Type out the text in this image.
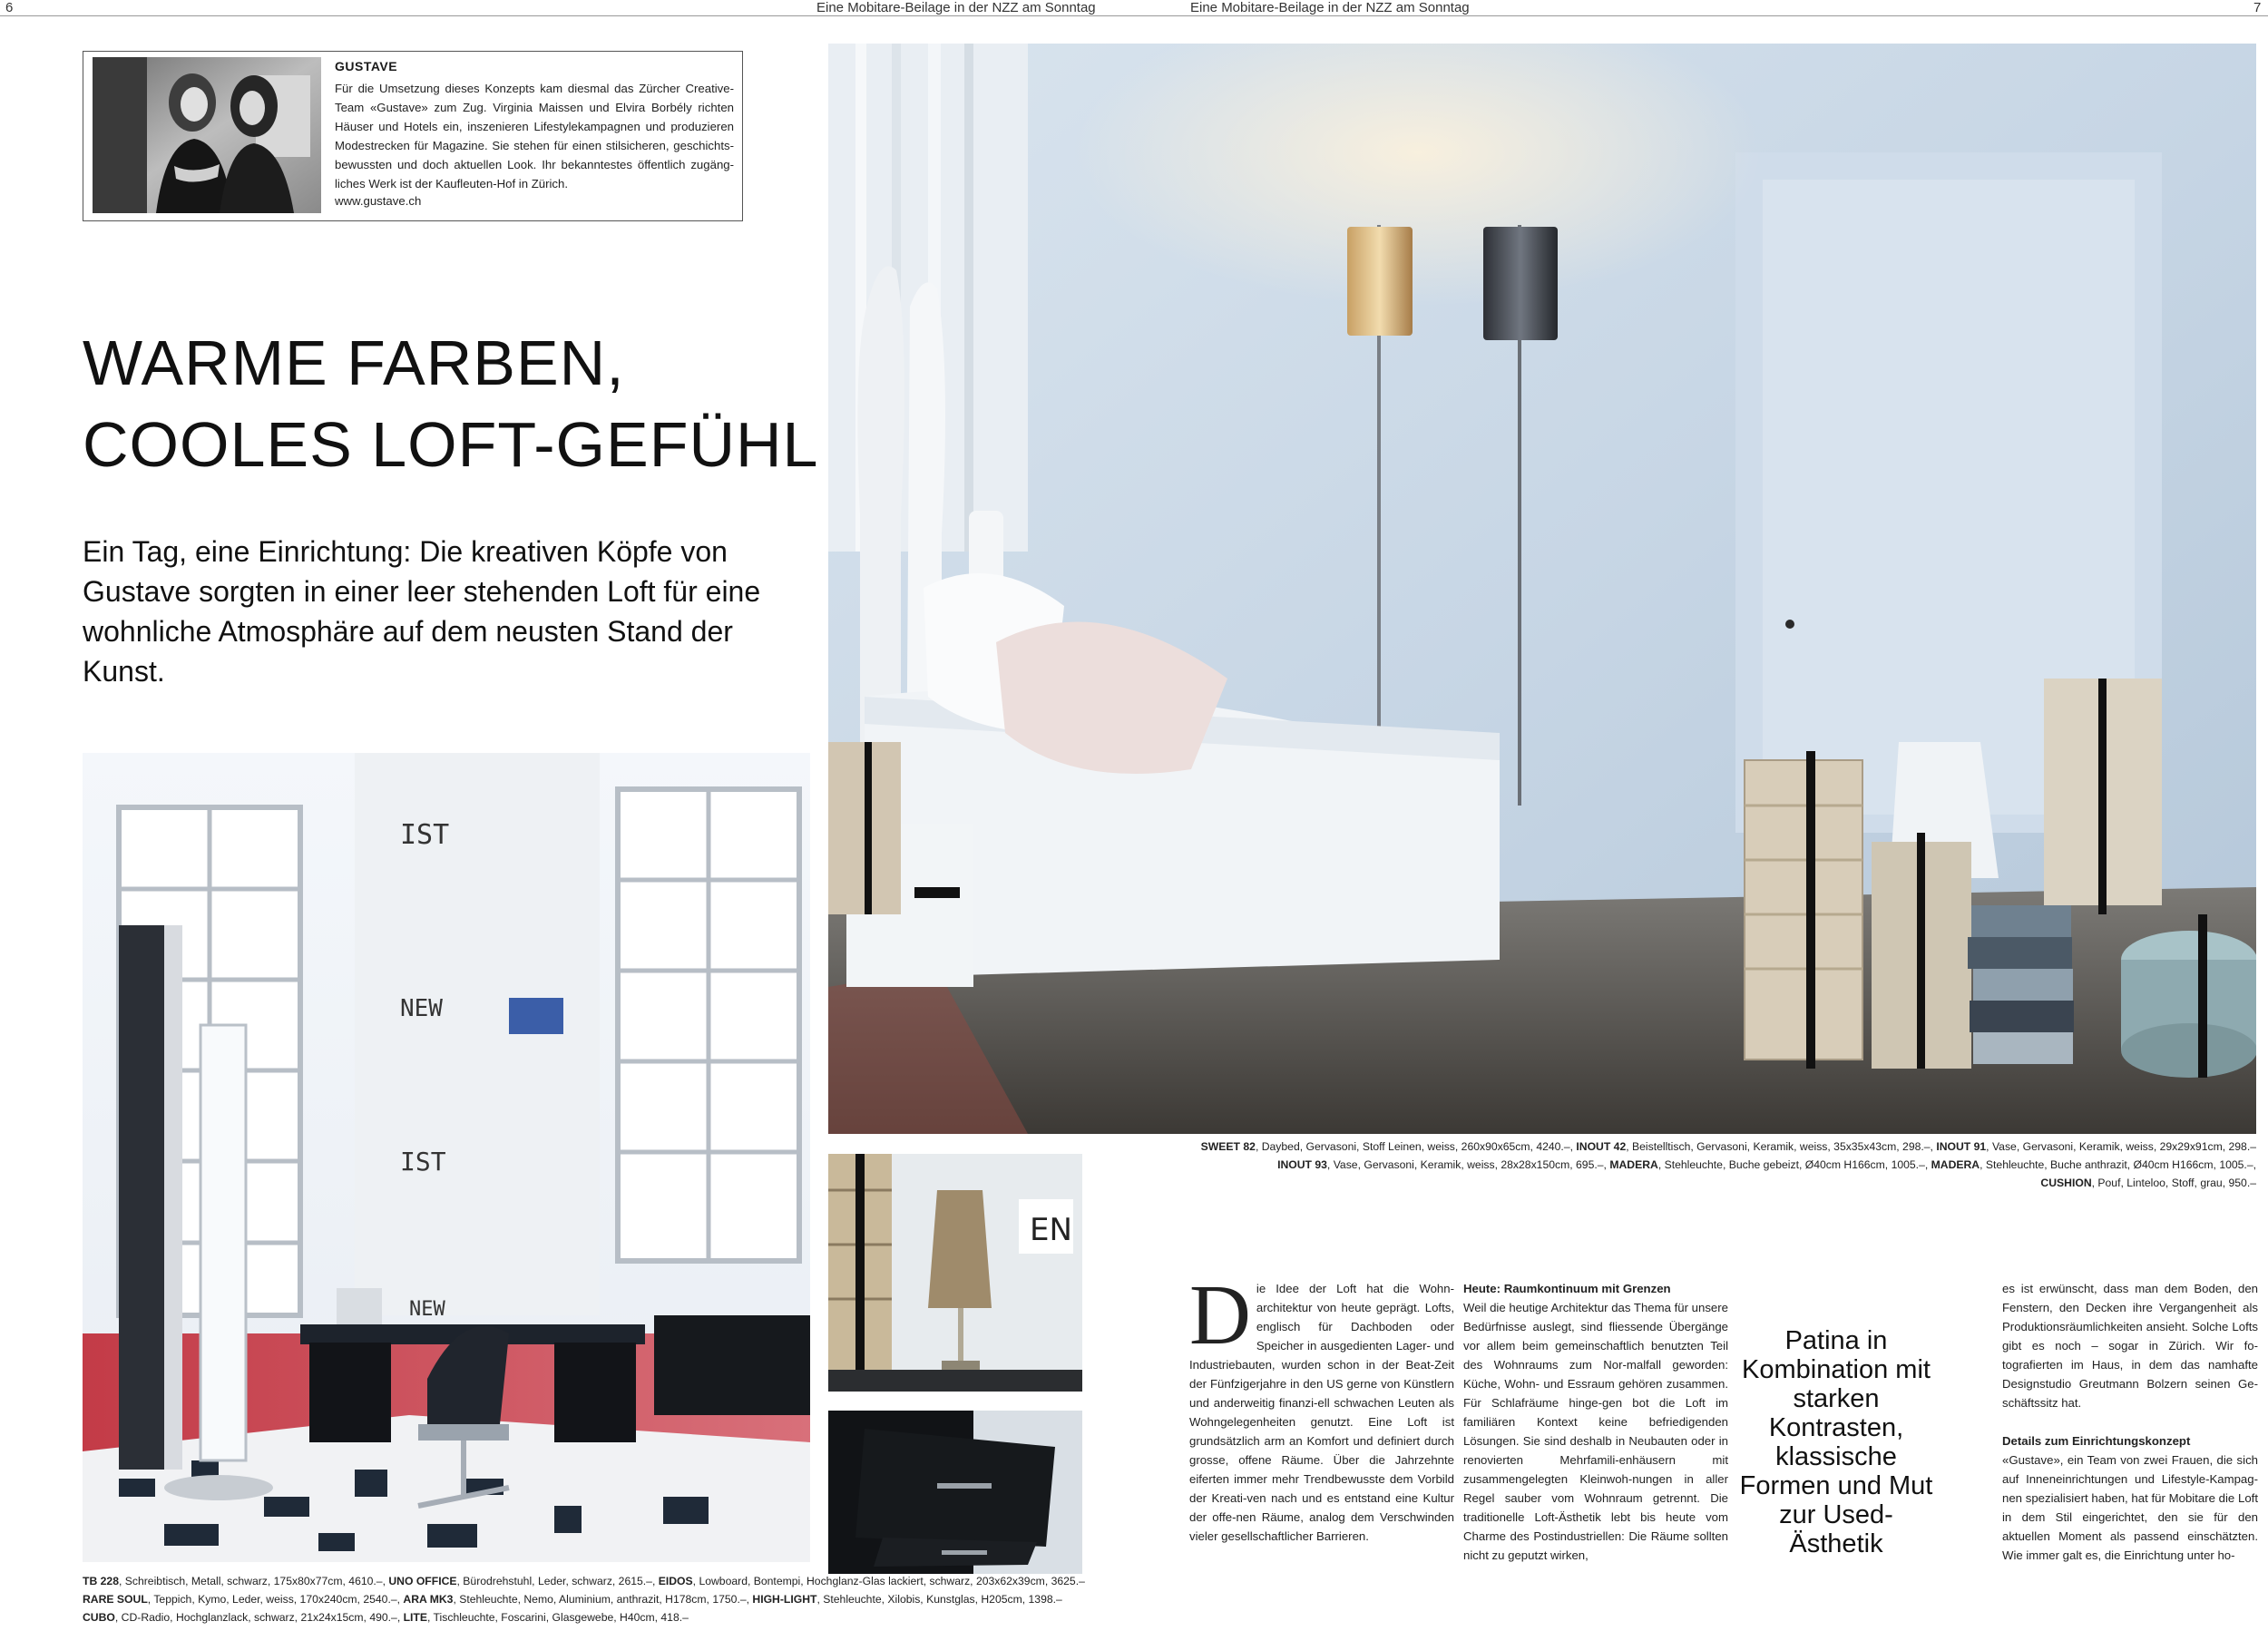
6	Eine Mobitare-Beilage in der NZZ am Sonntag	Eine Mobitare-Beilage in der NZZ am Sonntag	7
GUSTAVE
Für die Umsetzung dieses Konzepts kam diesmal das Zürcher Creative-Team «Gustave» zum Zug. Virginia Maissen und Elvira Borbély richten Häuser und Hotels ein, inszenieren Lifestylekampagnen und produzieren Modestrecken für Magazine. Sie stehen für einen stilsicheren, geschichts-bewussten und doch aktuellen Look. Ihr bekanntestes öffentlich zugäng-liches Werk ist der Kaufleuten-Hof in Zürich.
www.gustave.ch
WARME FARBEN,
COOLES LOFT-GEFÜHL
Ein Tag, eine Einrichtung: Die kreativen Köpfe von Gustave sorgten in einer leer stehenden Loft für eine wohnliche Atmosphäre auf dem neusten Stand der Kunst.
IST
NEW
IST
NEW
EN
SWEET 82, Daybed, Gervasoni, Stoff Leinen, weiss, 260x90x65cm, 4240.–, INOUT 42, Beistelltisch, Gervasoni, Keramik, weiss, 35x35x43cm, 298.–, INOUT 91, Vase, Gervasoni, Keramik, weiss, 29x29x91cm, 298.–
INOUT 93, Vase, Gervasoni, Keramik, weiss, 28x28x150cm, 695.–, MADERA, Stehleuchte, Buche gebeizt, Ø40cm H166cm, 1005.–, MADERA, Stehleuchte, Buche anthrazit, Ø40cm H166cm, 1005.–,
CUSHION, Pouf, Linteloo, Stoff, grau, 950.–
TB 228, Schreibtisch, Metall, schwarz, 175x80x77cm, 4610.–, UNO OFFICE, Bürodrehstuhl, Leder, schwarz, 2615.–, EIDOS, Lowboard, Bontempi, Hochglanz-Glas lackiert, schwarz, 203x62x39cm, 3625.–
RARE SOUL, Teppich, Kymo, Leder, weiss, 170x240cm, 2540.–, ARA MK3, Stehleuchte, Nemo, Aluminium, anthrazit, H178cm, 1750.–, HIGH-LIGHT, Stehleuchte, Xilobis, Kunstglas, H205cm, 1398.–
CUBO, CD-Radio, Hochglanzlack, schwarz, 21x24x15cm, 490.–, LITE, Tischleuchte, Foscarini, Glasgewebe, H40cm, 418.–
D ie Idee der Loft hat die Wohn-architektur von heute geprägt. Lofts, englisch für Dachboden oder Speicher in ausgedienten Lager- und Industriebauten, wurden schon in der Beat-Zeit der Fünfzigerjahre in den US gerne von Künstlern und anderweitig finanzi-ell schwachen Leuten als Wohngelegenheiten genutzt. Eine Loft ist grundsätzlich arm an Komfort und definiert durch grosse, offene Räume. Über die Jahrzehnte eiferten immer mehr Trendbewusste dem Vorbild der Kreati-ven nach und es entstand eine Kultur der offe-nen Räume, analog dem Verschwinden vieler gesellschaftlicher Barrieren.
Heute: Raumkontinuum mit Grenzen

Weil die heutige Architektur das Thema für unsere Bedürfnisse auslegt, sind fliessende Übergänge vor allem beim gemeinschaftlich benutzten Teil des Wohnraums zum Nor-malfall geworden: Küche, Wohn- und Essraum gehören zusammen. Für Schlafräume hinge-gen bot die Loft im familiären Kontext keine befriedigenden Lösungen. Sie sind deshalb in Neubauten oder in renovierten Mehrfamili-enhäusern mit zusammengelegten Kleinwoh-nungen in aller Regel sauber vom Wohnraum getrennt. Die traditionelle Loft-Ästhetik lebt bis heute vom Charme des Postindustriellen: Die Räume sollten nicht zu geputzt wirken,

Patina in Kombination mit starken Kontrasten, klassische Formen und Mut zur Used-Ästhetik

es ist erwünscht, dass man dem Boden, den Fenstern, den Decken ihre Vergangenheit als Produktionsräumlichkeiten ansieht. Solche Lofts gibt es noch – sogar in Zürich. Wir fo-tografierten im Haus, in dem das namhafte Designstudio Greutmann Bolzern seinen Ge-schäftssitz hat.

Details zum Einrichtungskonzept

«Gustave», ein Team von zwei Frauen, die sich auf Inneneinrichtungen und Lifestyle-Kampag-nen spezialisiert haben, hat für Mobitare die Loft in dem Stil eingerichtet, den sie für den aktuellen Moment als passend einschätzten. Wie immer galt es, die Einrichtung unter ho-
